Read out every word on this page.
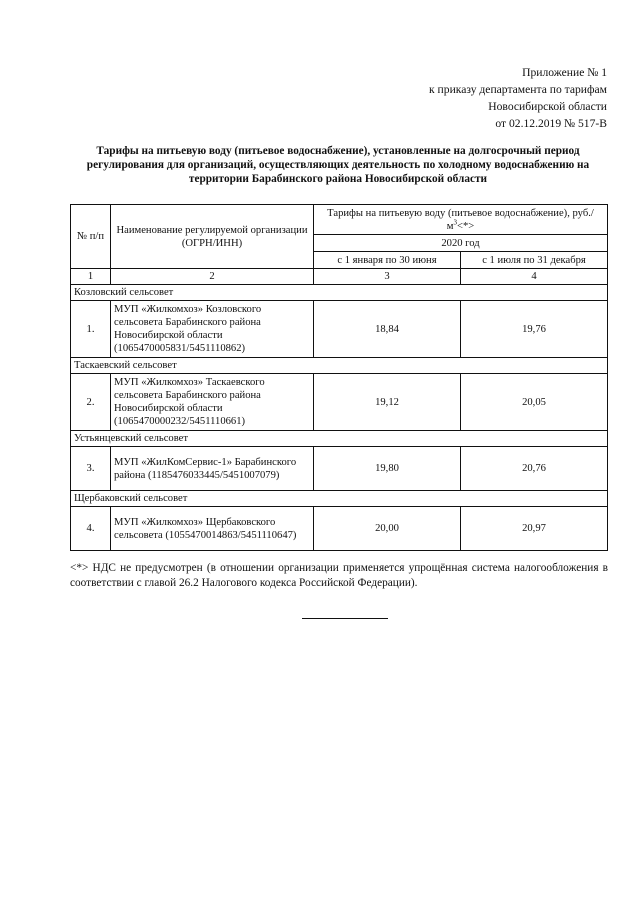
Приложение № 1
к приказу департамента по тарифам
Новосибирской области
от 02.12.2019 № 517-В
Тарифы на питьевую воду (питьевое водоснабжение), установленные на долгосрочный период регулирования для организаций, осуществляющих деятельность по холодному водоснабжению на территории Барабинского района Новосибирской области
№ п/п	Наименование регулируемой организации (ОГРН/ИНН)	Тарифы на питьевую воду (питьевое водоснабжение), $руб./м^3<*>$	
		2020 год	
		с 1 января по 30 июня	с 1 июля по 31 декабря
1	2	3	4
Козловский сельсовет			
1.	МУП «Жилкомхоз» Козловского сельсовета Барабинского района Новосибирской области (1065470005831/5451110862)	18,84	19,76
Таскаевский сельсовет			
2.	МУП «Жилкомхоз» Таскаевского сельсовета Барабинского района Новосибирской области (1065470000232/5451110661)	19,12	20,05
Устьянцевский сельсовет			
3.	МУП «ЖилКомСервис-1» Барабинского района (1185476033445/5451007079)	19,80	20,76
Щербаковский сельсовет			
4.	МУП «Жилкомхоз» Щербаковского сельсовета (1055470014863/5451110647)	20,00	20,97
<*> НДС не предусмотрен (в отношении организации применяется упрощённая система налогообложения в соответствии с главой 26.2 Налогового кодекса Российской Федерации).
